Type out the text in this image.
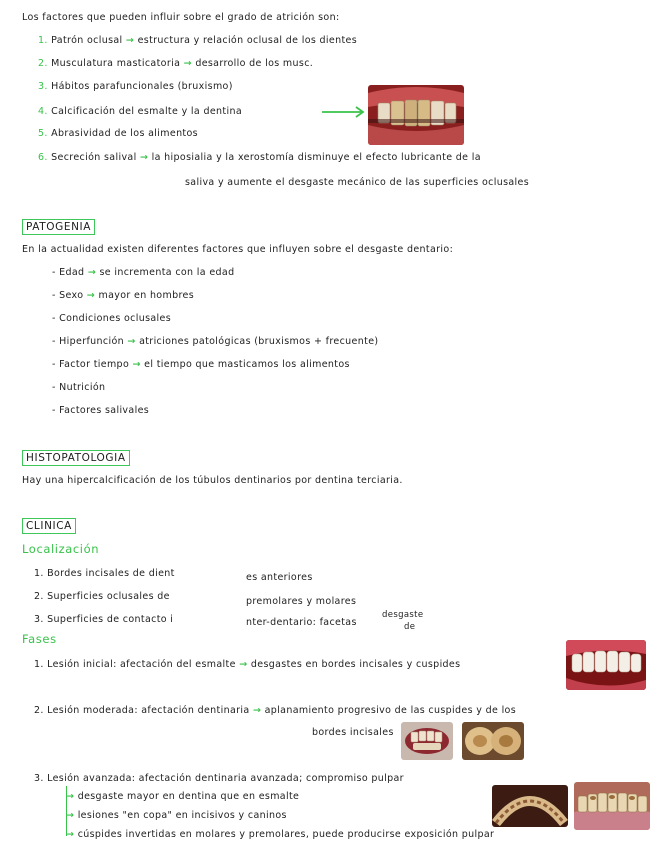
Los factores que pueden influir sobre el grado de atrición son:
1. Patrón oclusal → estructura y relación oclusal de los dientes
2. Musculatura masticatoria → desarrollo de los musc.
3. Hábitos parafuncionales (bruxismo)
4. Calcificación del esmalte y la dentina
5. Abrasividad de los alimentos
6. Secreción salival → la hiposialia y la xerostomía disminuye el efecto lubricante de la
saliva y aumente el desgaste mecánico de las superficies oclusales
PATOGENIA
En la actualidad existen diferentes factores que influyen sobre el desgaste dentario:
- Edad → se incrementa con la edad
- Sexo → mayor en hombres
- Condiciones oclusales
- Hiperfunción → atriciones patológicas (bruxismos + frecuente)
- Factor tiempo → el tiempo que masticamos los alimentos
- Nutrición
- Factores salivales
HISTOPATOLOGIA
Hay una hipercalcificación de los túbulos dentinarios por dentina terciaria.
CLINICA
Localización
1. Bordes incisales de dient	es anteriores
2. Superficies oclusales de	premolares y molares
3. Superficies de contacto i	nter-dentario: facetas
desgaste
de
Fases
1. Lesión inicial: afectación del esmalte → desgastes en bordes incisales y cuspides
2. Lesión moderada: afectación dentinaria → aplanamiento progresivo de las cuspides y de los
bordes incisales
3. Lesión avanzada: afectación dentinaria avanzada; compromiso pulpar
→ desgaste mayor en dentina que en esmalte
→ lesiones "en copa" en incisivos y caninos
→ cúspides invertidas en molares y premolares, puede producirse exposición pulpar
